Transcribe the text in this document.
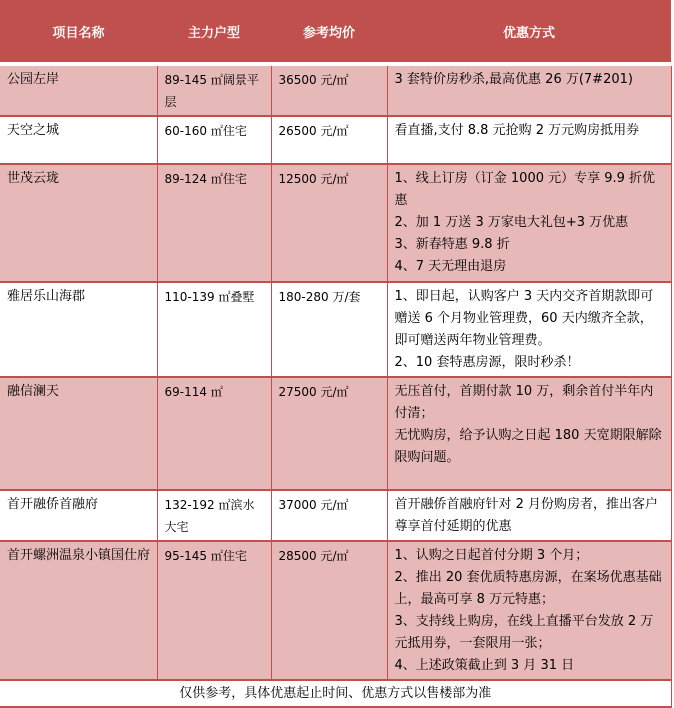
项目名称	主力户型	参考均价	优惠方式
公园左岸	89-145 ㎡阔景平层	36500 元/㎡	3 套特价房秒杀,最高优惠 26 万(7#201)

天空之城	60-160 ㎡住宅	26500 元/㎡	看直播,支付 8.8 元抢购 2 万元购房抵用券

世茂云珑	89-124 ㎡住宅	12500 元/㎡	1、线上订房（订金 1000 元）专享 9.9 折优惠
2、加 1 万送 3 万家电大礼包+3 万优惠
3、新春特惠 9.8 折
4、7 天无理由退房

雅居乐山海郡	110-139 ㎡叠墅	180-280 万/套	1、即日起，认购客户 3 天内交齐首期款即可赠送 6 个月物业管理费，60 天内缴齐全款，即可赠送两年物业管理费。
2、10 套特惠房源，限时秒杀！

融信澜天	69-114 ㎡	27500 元/㎡	无压首付，首期付款 10 万，剩余首付半年内付清；
无忧购房，给予认购之日起 180 天宽期限解除限购问题。

首开融侨首融府	132-192 ㎡滨水大宅	37000 元/㎡	首开融侨首融府针对 2 月份购房者，推出客户尊享首付延期的优惠

首开螺洲温泉小镇国仕府	95-145 ㎡住宅	28500 元/㎡	1、认购之日起首付分期 3 个月；
2、推出 20 套优质特惠房源，在案场优惠基础上，最高可享 8 万元特惠；
3、支持线上购房，在线上直播平台发放 2 万元抵用券，一套限用一张；
4、上述政策截止到 3 月 31 日

仅供参考，具体优惠起止时间、优惠方式以售楼部为准			
